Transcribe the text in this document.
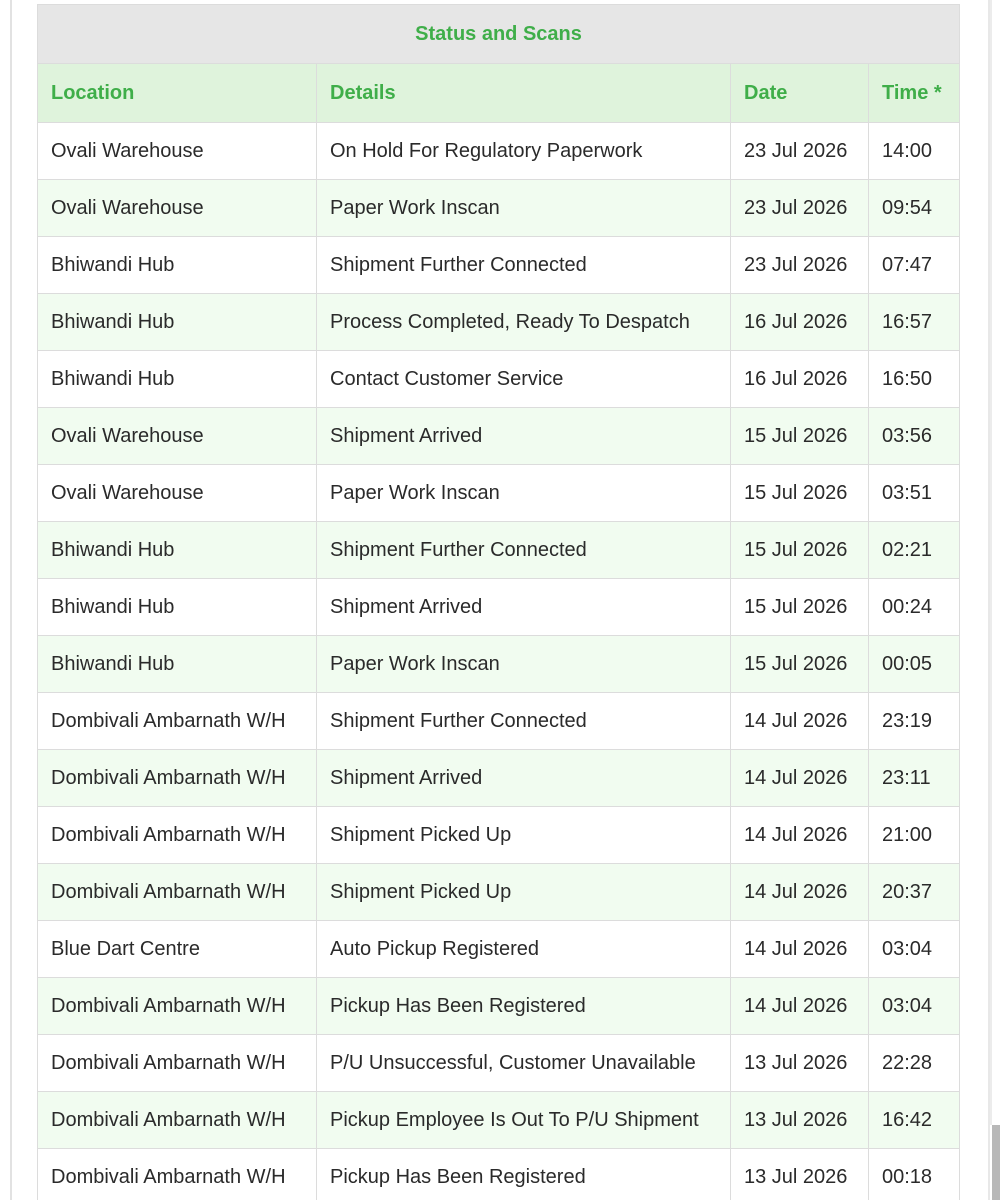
Status and Scans			
Location	Details	Date	Time *
Ovali Warehouse	On Hold For Regulatory Paperwork	23 Jul 2026	14:00
Ovali Warehouse	Paper Work Inscan	23 Jul 2026	09:54
Bhiwandi Hub	Shipment Further Connected	23 Jul 2026	07:47
Bhiwandi Hub	Process Completed, Ready To Despatch	16 Jul 2026	16:57
Bhiwandi Hub	Contact Customer Service	16 Jul 2026	16:50
Ovali Warehouse	Shipment Arrived	15 Jul 2026	03:56
Ovali Warehouse	Paper Work Inscan	15 Jul 2026	03:51
Bhiwandi Hub	Shipment Further Connected	15 Jul 2026	02:21
Bhiwandi Hub	Shipment Arrived	15 Jul 2026	00:24
Bhiwandi Hub	Paper Work Inscan	15 Jul 2026	00:05
Dombivali Ambarnath W/H	Shipment Further Connected	14 Jul 2026	23:19
Dombivali Ambarnath W/H	Shipment Arrived	14 Jul 2026	23:11
Dombivali Ambarnath W/H	Shipment Picked Up	14 Jul 2026	21:00
Dombivali Ambarnath W/H	Shipment Picked Up	14 Jul 2026	20:37
Blue Dart Centre	Auto Pickup Registered	14 Jul 2026	03:04
Dombivali Ambarnath W/H	Pickup Has Been Registered	14 Jul 2026	03:04
Dombivali Ambarnath W/H	P/U Unsuccessful, Customer Unavailable	13 Jul 2026	22:28
Dombivali Ambarnath W/H	Pickup Employee Is Out To P/U Shipment	13 Jul 2026	16:42
Dombivali Ambarnath W/H	Pickup Has Been Registered	13 Jul 2026	00:18
